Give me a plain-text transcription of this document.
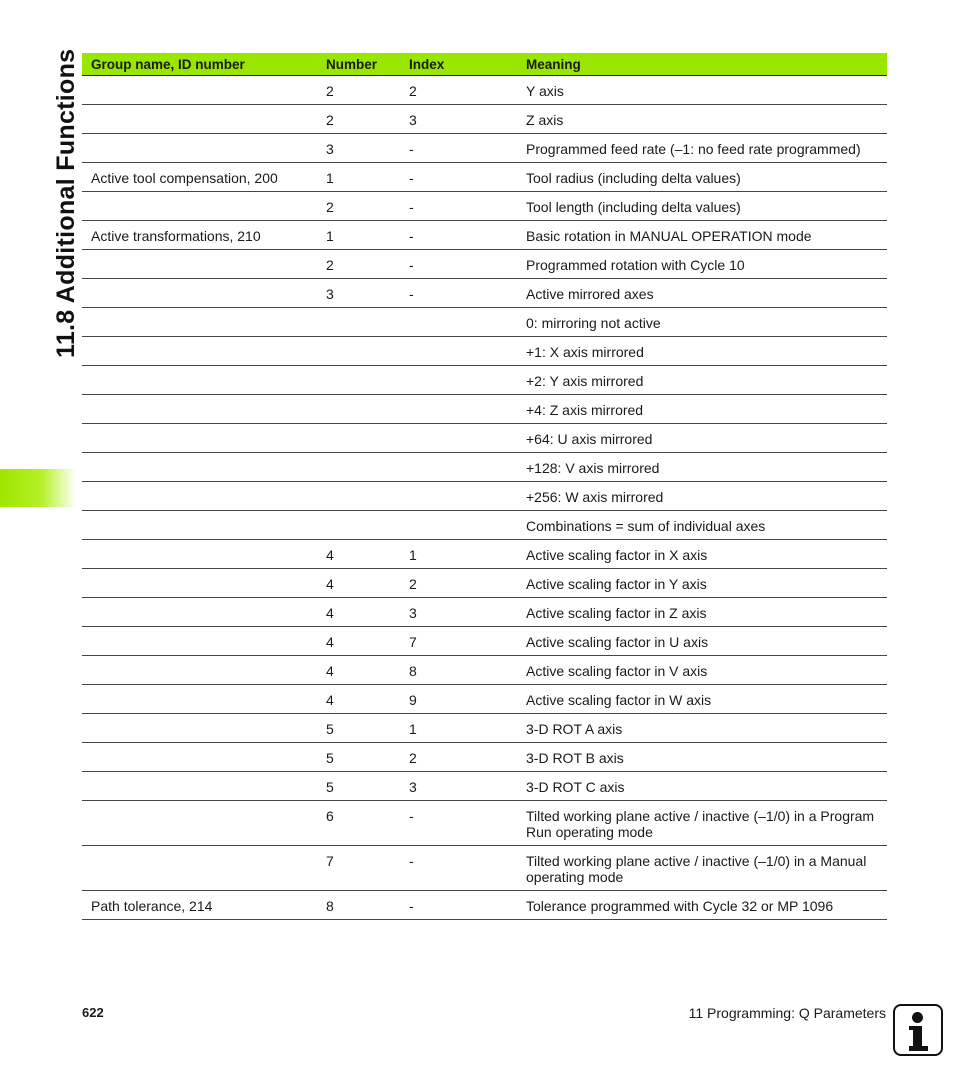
11.8 Additional Functions Group name, ID number	Number	Index	Meaning
	2	2	Y axis
	2	3	Z axis
	3	-	Programmed feed rate (–1: no feed rate programmed)
Active tool compensation, 200	1	-	Tool radius (including delta values)
	2	-	Tool length (including delta values)
Active transformations, 210	1	-	Basic rotation in MANUAL OPERATION mode
	2	-	Programmed rotation with Cycle 10
	3	-	Active mirrored axes
			0: mirroring not active
			+1: X axis mirrored
			+2: Y axis mirrored
			+4: Z axis mirrored
			+64: U axis mirrored
			+128: V axis mirrored
			+256: W axis mirrored
			Combinations = sum of individual axes
	4	1	Active scaling factor in X axis
	4	2	Active scaling factor in Y axis
	4	3	Active scaling factor in Z axis
	4	7	Active scaling factor in U axis
	4	8	Active scaling factor in V axis
	4	9	Active scaling factor in W axis
	5	1	3-D ROT A axis
	5	2	3-D ROT B axis
	5	3	3-D ROT C axis
	6	-	Tilted working plane active / inactive (–1/0) in a Program Run operating mode
	7	-	Tilted working plane active / inactive (–1/0) in a Manual operating mode
Path tolerance, 214	8	-	Tolerance programmed with Cycle 32 or MP 1096
622	11 Programming: Q Parameters
